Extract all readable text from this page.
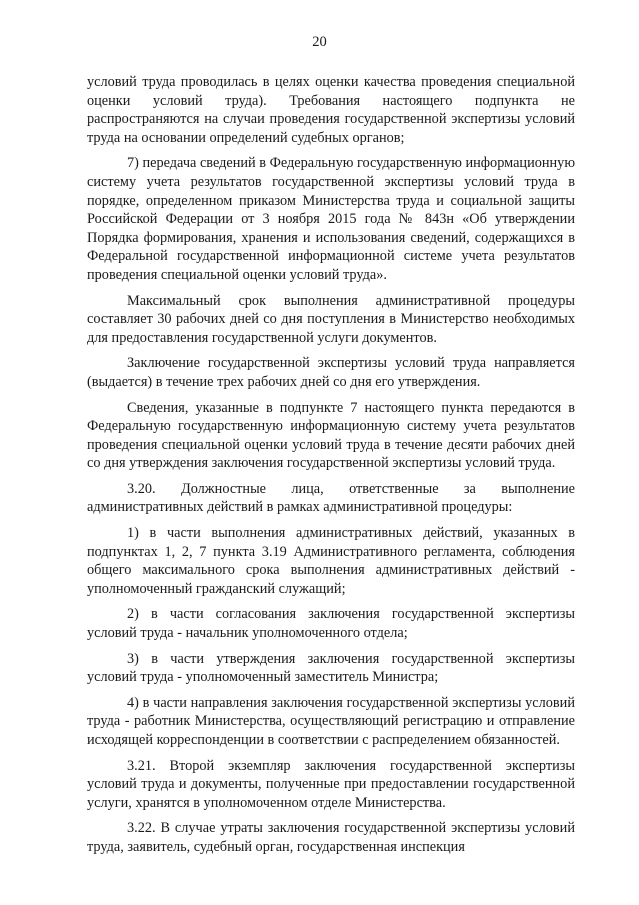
20

условий труда проводилась в целях оценки качества проведения специальной оценки условий труда). Требования настоящего подпункта не распространяются на случаи проведения государственной экспертизы условий труда на основании определений судебных органов;

7) передача сведений в Федеральную государственную информационную систему учета результатов государственной экспертизы условий труда в порядке, определенном приказом Министерства труда и социальной защиты Российской Федерации от 3 ноября 2015 года № 843н «Об утверждении Порядка формирования, хранения и использования сведений, содержащихся в Федеральной государственной информационной системе учета результатов проведения специальной оценки условий труда».

Максимальный срок выполнения административной процедуры составляет 30 рабочих дней со дня поступления в Министерство необходимых для предоставления государственной услуги документов.

Заключение государственной экспертизы условий труда направляется (выдается) в течение трех рабочих дней со дня его утверждения.

Сведения, указанные в подпункте 7 настоящего пункта передаются в Федеральную государственную информационную систему учета результатов проведения специальной оценки условий труда в течение десяти рабочих дней со дня утверждения заключения государственной экспертизы условий труда.

3.20. Должностные лица, ответственные за выполнение административных действий в рамках административной процедуры:

1) в части выполнения административных действий, указанных в подпунктах 1, 2, 7 пункта 3.19 Административного регламента, соблюдения общего максимального срока выполнения административных действий - уполномоченный гражданский служащий;

2) в части согласования заключения государственной экспертизы условий труда - начальник уполномоченного отдела;

3) в части утверждения заключения государственной экспертизы условий труда - уполномоченный заместитель Министра;

4) в части направления заключения государственной экспертизы условий труда - работник Министерства, осуществляющий регистрацию и отправление исходящей корреспонденции в соответствии с распределением обязанностей.

3.21. Второй экземпляр заключения государственной экспертизы условий труда и документы, полученные при предоставлении государственной услуги, хранятся в уполномоченном отделе Министерства.

3.22. В случае утраты заключения государственной экспертизы условий труда, заявитель, судебный орган, государственная инспекция
